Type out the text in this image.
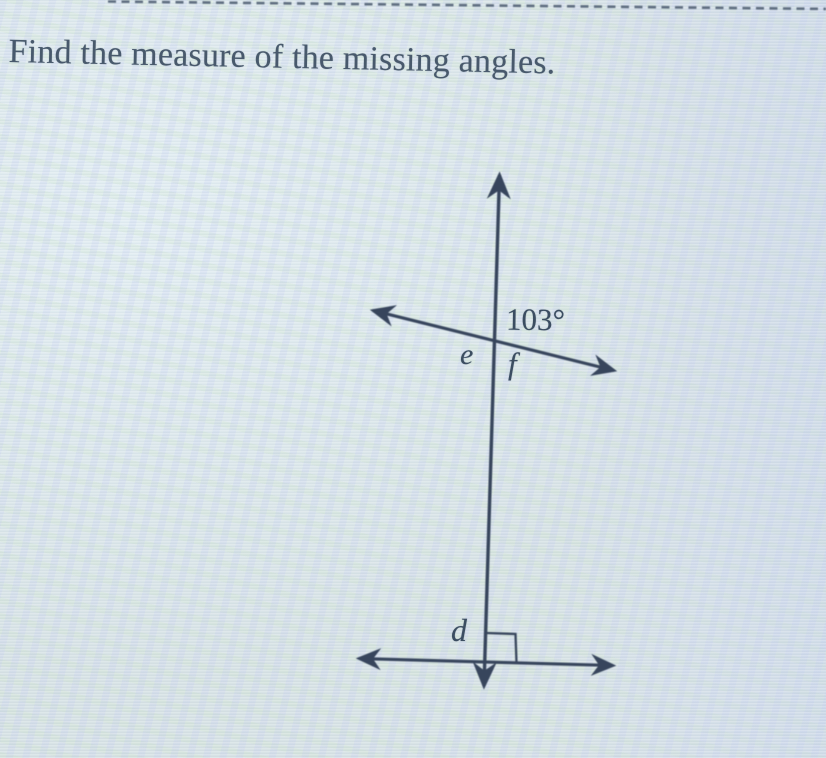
Find the measure of the missing angles.
103°
e f
d
